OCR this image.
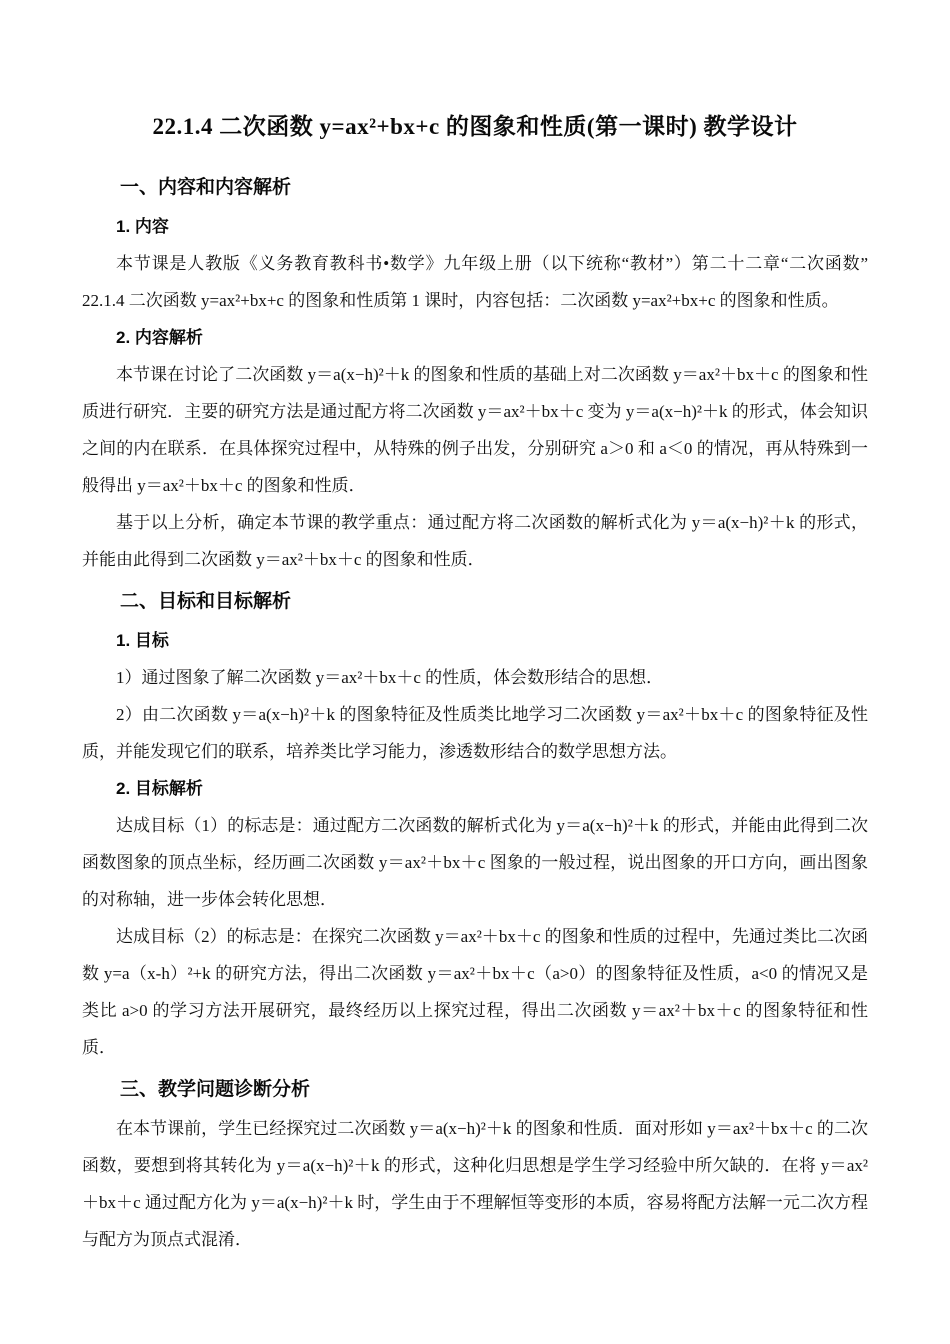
22.1.4 二次函数 y=ax²+bx+c 的图象和性质(第一课时) 教学设计
一、内容和内容解析
1. 内容

本节课是人教版《义务教育教科书•数学》九年级上册（以下统称“教材”）第二十二章“二次函数”22.1.4 二次函数 y=ax²+bx+c 的图象和性质第 1 课时，内容包括：二次函数 y=ax²+bx+c 的图象和性质。

2. 内容解析

本节课在讨论了二次函数 y＝a(x−h)²＋k 的图象和性质的基础上对二次函数 y＝ax²＋bx＋c 的图象和性质进行研究．主要的研究方法是通过配方将二次函数 y＝ax²＋bx＋c 变为 y＝a(x−h)²＋k 的形式，体会知识之间的内在联系．在具体探究过程中，从特殊的例子出发，分别研究 a＞0 和 a＜0 的情况，再从特殊到一般得出 y＝ax²＋bx＋c 的图象和性质．

基于以上分析，确定本节课的教学重点：通过配方将二次函数的解析式化为 y＝a(x−h)²＋k 的形式，并能由此得到二次函数 y＝ax²＋bx＋c 的图象和性质．

二、目标和目标解析
1. 目标

1）通过图象了解二次函数 y＝ax²＋bx＋c 的性质，体会数形结合的思想．

2）由二次函数 y＝a(x−h)²＋k 的图象特征及性质类比地学习二次函数 y＝ax²＋bx＋c 的图象特征及性质，并能发现它们的联系，培养类比学习能力，渗透数形结合的数学思想方法。

2. 目标解析

达成目标（1）的标志是：通过配方二次函数的解析式化为 y＝a(x−h)²＋k 的形式，并能由此得到二次函数图象的顶点坐标，经历画二次函数 y＝ax²＋bx＋c 图象的一般过程，说出图象的开口方向，画出图象的对称轴，进一步体会转化思想．

达成目标（2）的标志是：在探究二次函数 y＝ax²＋bx＋c 的图象和性质的过程中，先通过类比二次函数 y=a（x-h）²+k 的研究方法，得出二次函数 y＝ax²＋bx＋c（a>0）的图象特征及性质，a<0 的情况又是类比 a>0 的学习方法开展研究，最终经历以上探究过程，得出二次函数 y＝ax²＋bx＋c 的图象特征和性质．

三、教学问题诊断分析

在本节课前，学生已经探究过二次函数 y＝a(x−h)²＋k 的图象和性质．面对形如 y＝ax²＋bx＋c 的二次函数，要想到将其转化为 y＝a(x−h)²＋k 的形式，这种化归思想是学生学习经验中所欠缺的．在将 y＝ax²＋bx＋c 通过配方化为 y＝a(x−h)²＋k 时，学生由于不理解恒等变形的本质，容易将配方法解一元二次方程与配方为顶点式混淆．
